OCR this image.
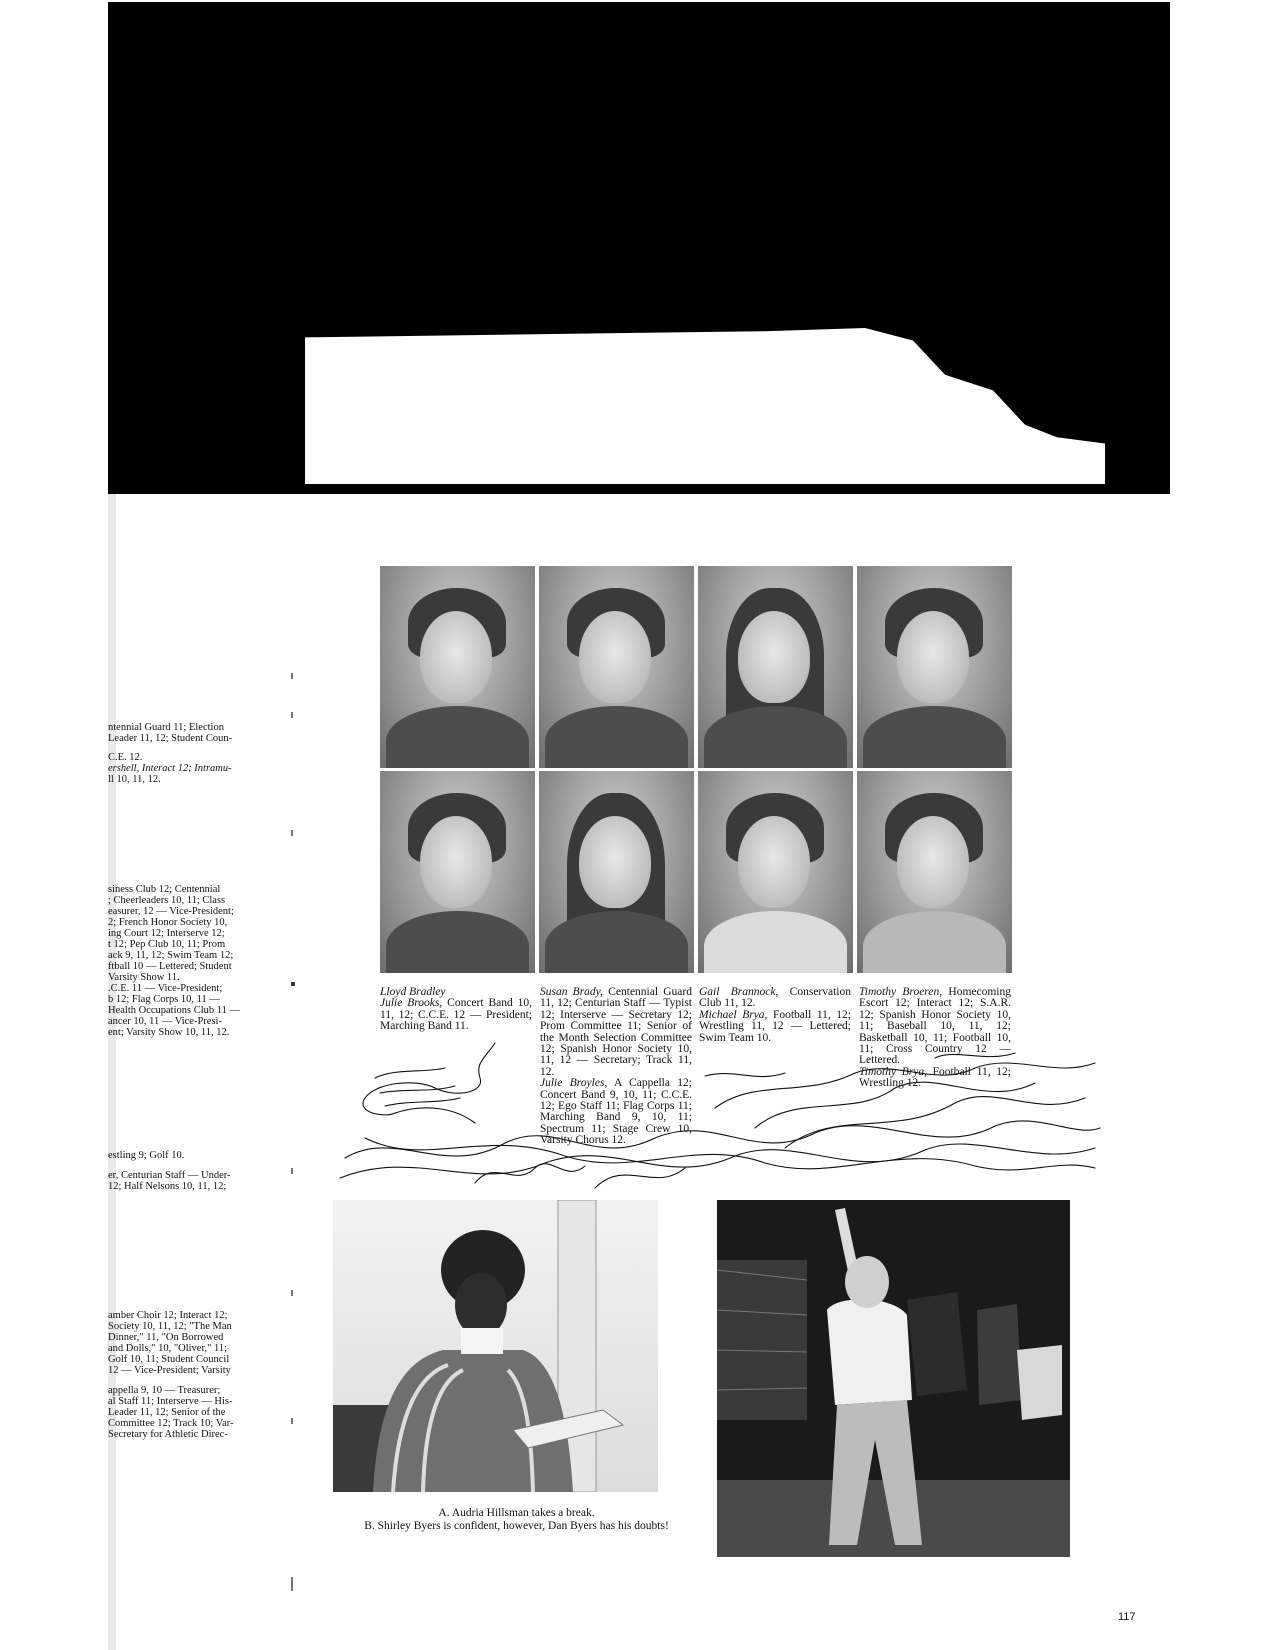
ntennial Guard 11; Election
Leader 11, 12; Student Coun-
C.E. 12.
ershell, Interact 12; Intramu-
ll 10, 11, 12.
siness Club 12; Centennial
; Cheerleaders 10, 11; Class
easurer, 12 — Vice-President;
2; French Honor Society 10,
ing Court 12; Interserve 12;
t 12; Pep Club 10, 11; Prom
ack 9, 11, 12; Swim Team 12;
ftball 10 — Lettered; Student
Varsity Show 11.
.C.E. 11 — Vice-President;
b 12; Flag Corps 10, 11 —
Health Occupations Club 11 —
ancer 10, 11 — Vice-Presi-
ent; Varsity Show 10, 11, 12.
estling 9; Golf 10.
er, Centurian Staff — Under-
12; Half Nelsons 10, 11, 12;
amber Choir 12; Interact 12;
Society 10, 11, 12; "The Man
Dinner," 11, "On Borrowed
and Dolls," 10, "Oliver," 11;
Golf 10, 11; Student Council
12 — Vice-President; Varsity
appella 9, 10 — Treasurer;
al Staff 11; Interserve — His-
Leader 11, 12; Senior of the
Committee 12; Track 10; Var-
Secretary for Athletic Direc-

Lloyd Bradley

Julie Brooks, Concert Band 10, 11, 12; C.C.E. 12 — President; Marching Band 11.

Susan Brady, Centennial Guard 11, 12; Centurian Staff — Typist 12; Interserve — Secretary 12; Prom Committee 11; Senior of the Month Selection Committee 12; Spanish Honor Society 10, 11, 12 — Secretary; Track 11, 12.

Julie Broyles, A Cappella 12; Concert Band 9, 10, 11; C.C.E. 12; Ego Staff 11; Flag Corps 11; Marching Band 9, 10, 11; Spectrum 11; Stage Crew 10, Varsity Chorus 12.

Gail Brannock, Conservation Club 11, 12.

Michael Brya, Football 11, 12; Wrestling 11, 12 — Lettered; Swim Team 10.

Timothy Broeren, Homecoming Escort 12; Interact 12; S.A.R. 12; Spanish Honor Society 10, 11; Baseball 10, 11, 12; Basketball 10, 11; Football 10, 11; Cross Country 12 — Lettered.

Timothy Brya, Football 11, 12; Wrestling 12.

A. Audria Hillsman takes a break.
B. Shirley Byers is confident, however, Dan Byers has his doubts!
117
